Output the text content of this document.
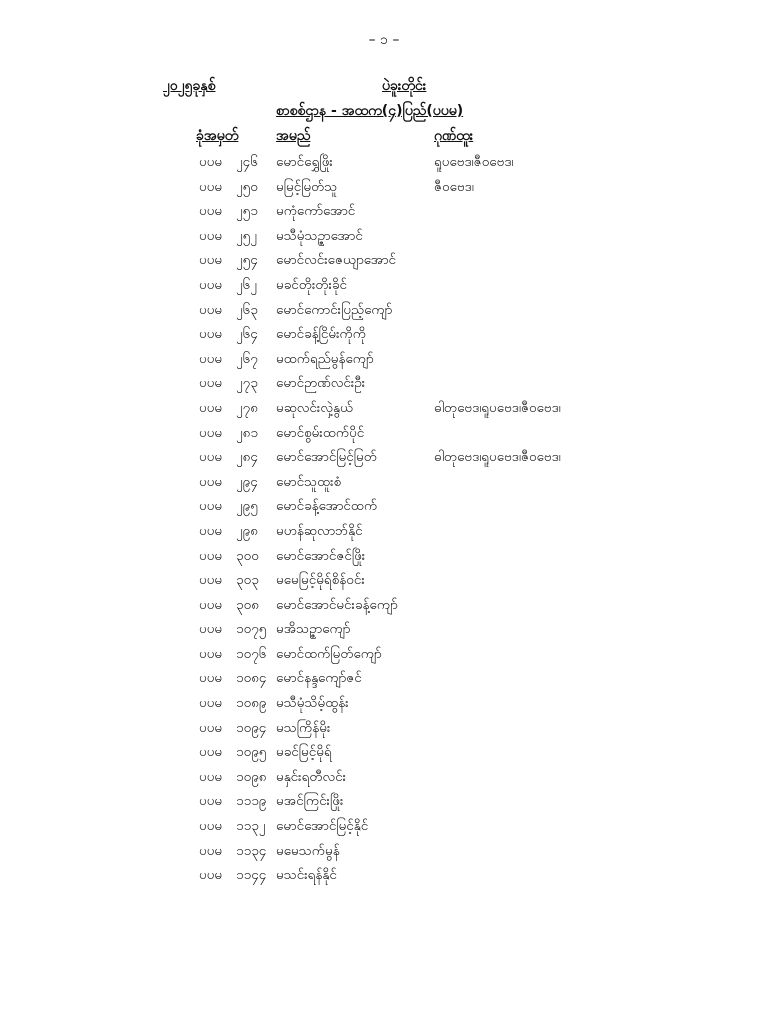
– ၁ –
၂၀၂၅ခုနှစ်	ပဲခူးတိုင်း
စာစစ်ဌာန - အထက(၄)ပြည်(ပပမ)
ခုံအမှတ်	အမည်	ဂုဏ်ထူး
ပပမ ၂၄၆ မောင်ရွှေဖြိုး	ရူပဗေဒ၊ဇီဝဗေဒ၊
ပပမ ၂၅၀ မမြင့်မြတ်သူ	ဇီဝဗေဒ၊
ပပမ ၂၅၁ မကုံကော်အောင်
ပပမ ၂၅၂ မသီမုံသဥ္ဇာအောင်
ပပမ ၂၅၄ မောင်လင်းဇေယျာအောင်
ပပမ ၂၆၂ မခင်တိုးတိုးခိုင်
ပပမ ၂၆၃ မောင်ကောင်းပြည့်ကျော်
ပပမ ၂၆၄ မောင်ခန့်ငြိမ်းကိုကို
ပပမ ၂၆၇ မထက်ရည်မွန်ကျော်
ပပမ ၂၇၃ မောင်ဉာဏ်လင်းဦး
ပပမ ၂၇၈ မဆုလင်းလှဲ့နွယ်	ဓါတုဗေဒ၊ရူပဗေဒ၊ဇီဝဗေဒ၊
ပပမ ၂၈၁ မောင်စွမ်းထက်ပိုင်
ပပမ ၂၈၄ မောင်အောင်မြင့်မြတ်	ဓါတုဗေဒ၊ရူပဗေဒ၊ဇီဝဗေဒ၊
ပပမ ၂၉၄ မောင်သူထူးစံ
ပပမ ၂၉၅ မောင်ခန့်အောင်ထက်
ပပမ ၂၉၈ မဟန်ဆုလာဘ်နိုင်
ပပမ ၃၀၀ မောင်အောင်ဇင်ဖြိုး
ပပမ ၃၀၃ မမေမြင့်မိုရ်စိန်ဝင်း
ပပမ ၃၀၈ မောင်အောင်မင်းခန့်ကျော်
ပပမ ၁၀၇၅ မအိသဥ္ဇာကျော်
ပပမ ၁၀၇၆ မောင်ထက်မြတ်ကျော်
ပပမ ၁၀၈၄ မောင်နန္ဒကျော်ဇင်
ပပမ ၁၀၈၉ မသီမုံသိမ့်ထွန်း
ပပမ ၁၀၉၄ မသကြိန်မိုး
ပပမ ၁၀၉၅ မခင်မြင့်မိုရ်
ပပမ ၁၀၉၈ မနှင်းရတီလင်း
ပပမ ၁၁၁၉ မအင်ကြင်းဖြိုး
ပပမ ၁၁၃၂ မောင်အောင်မြင့်နိုင်
ပပမ ၁၁၃၄ မမေသက်မွန်
ပပမ ၁၁၄၄ မသင်းရန်နိုင်
